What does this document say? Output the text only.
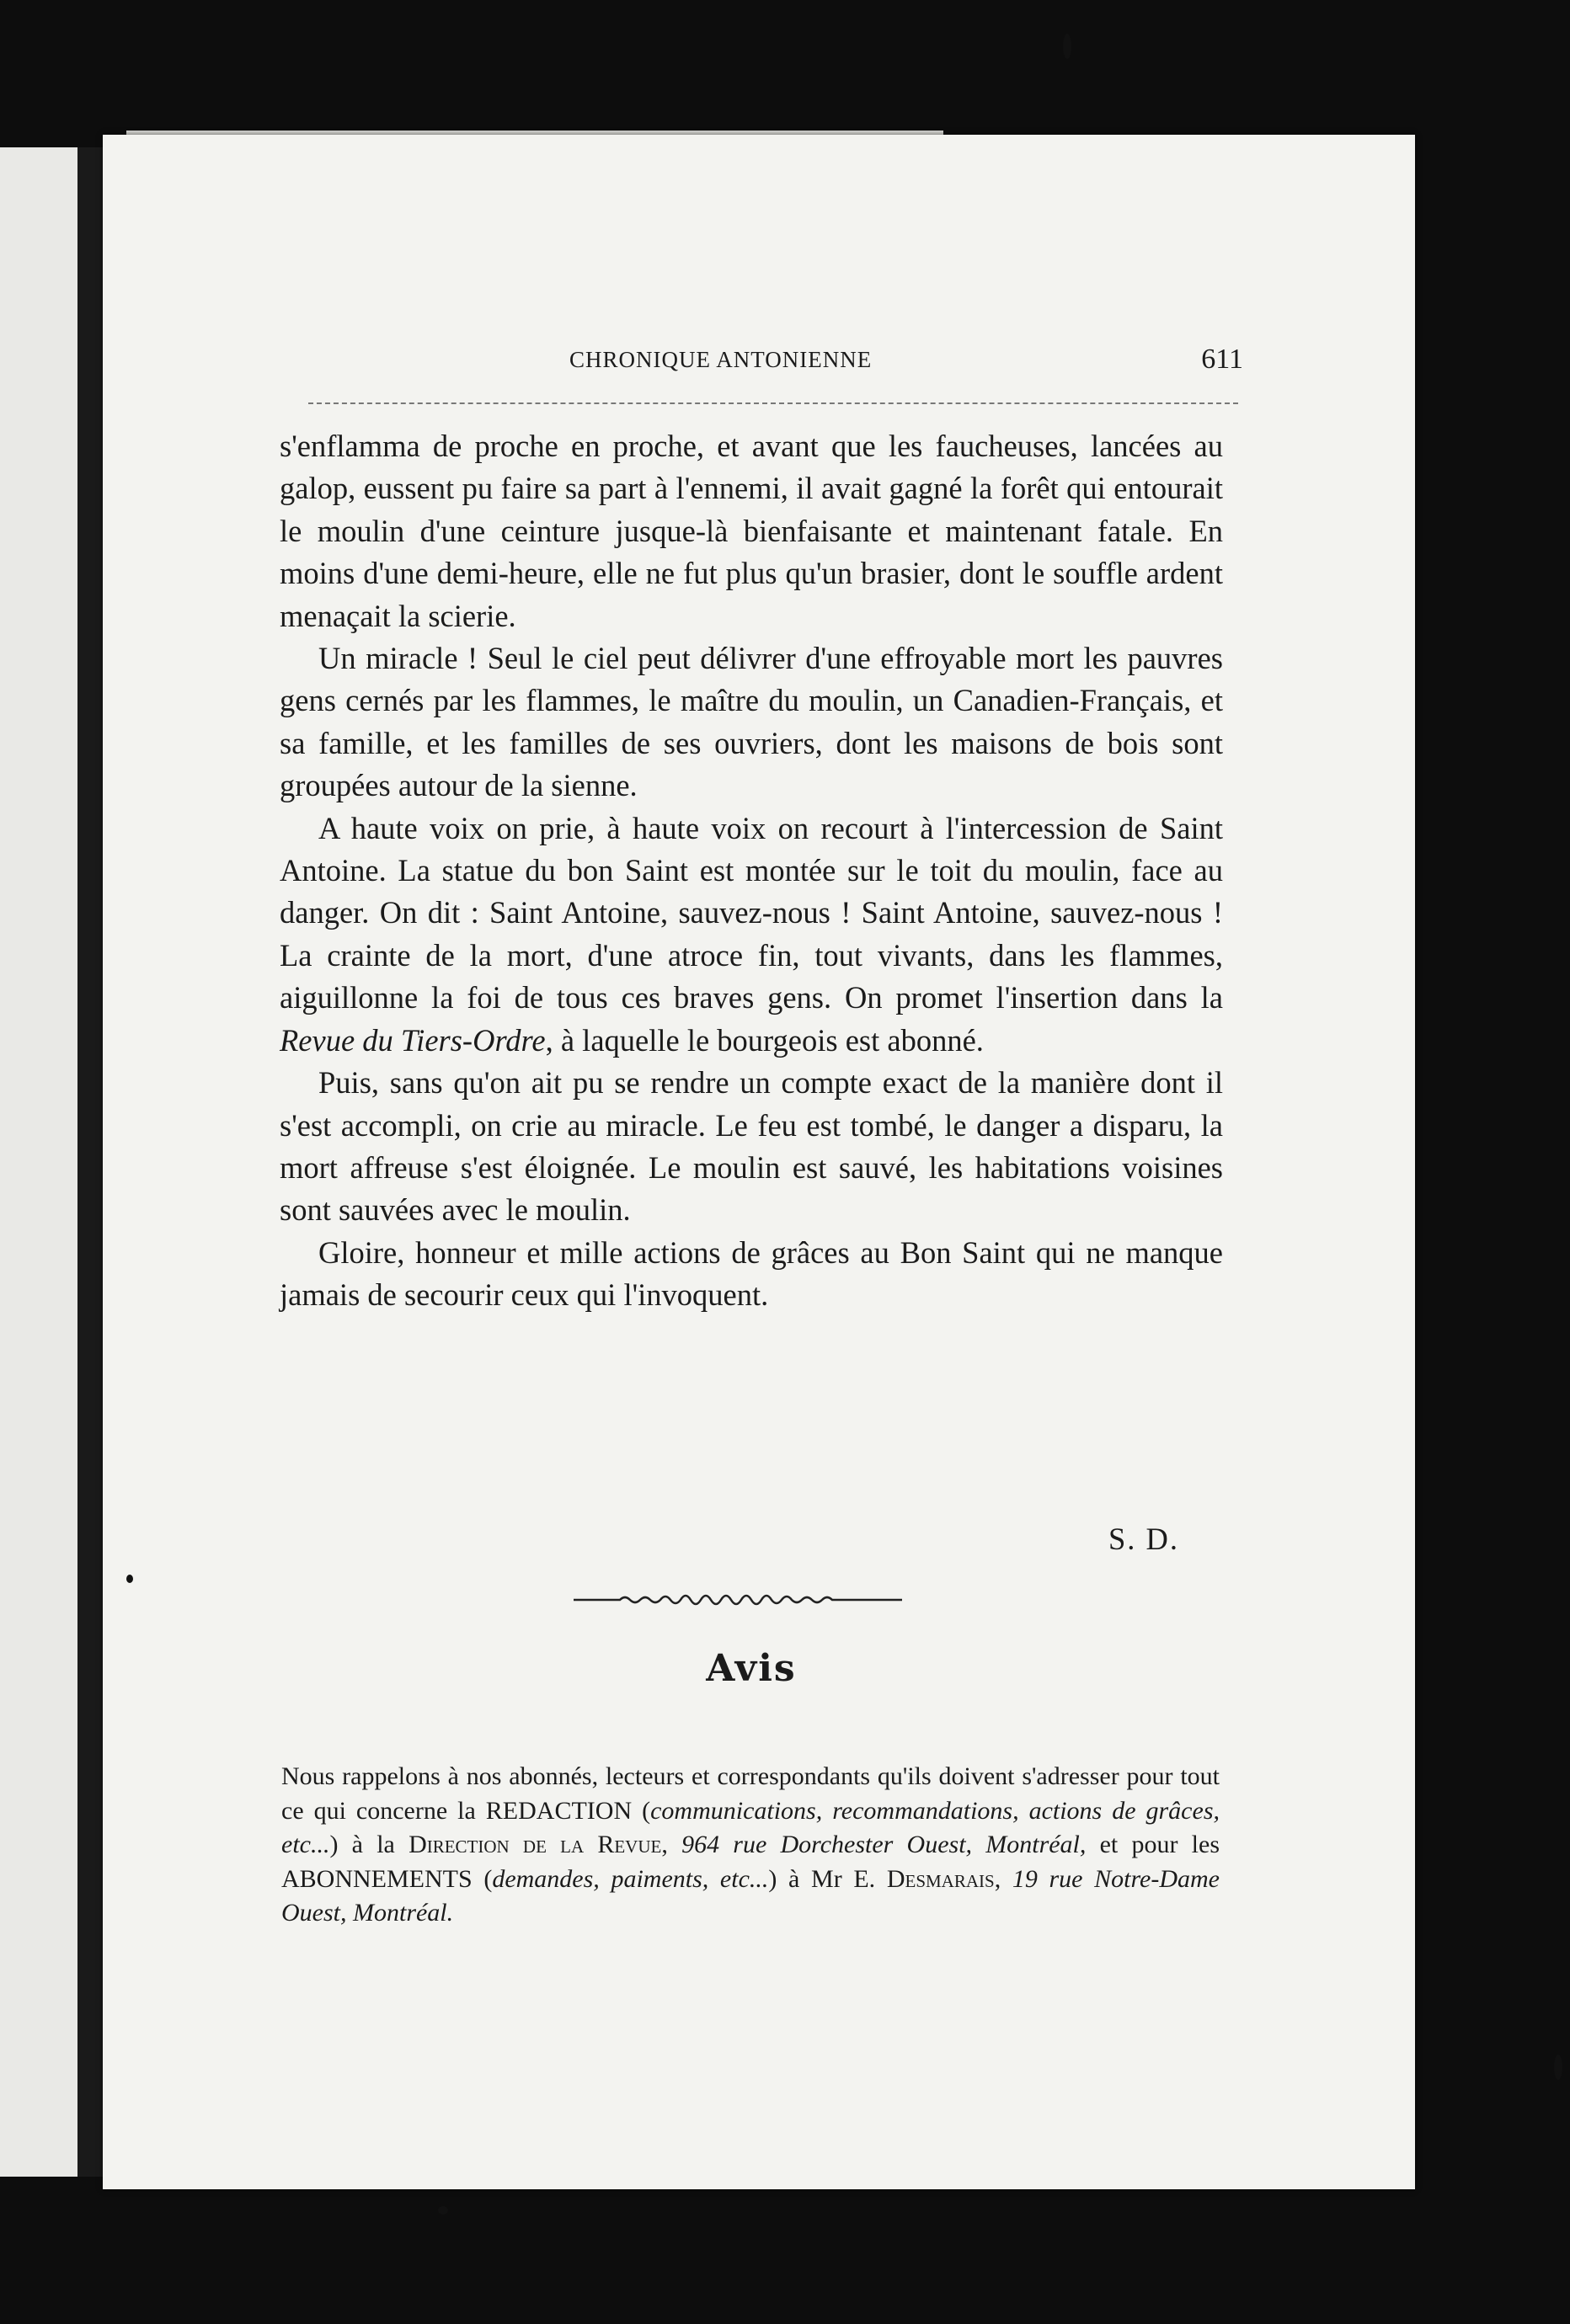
CHRONIQUE ANTONIENNE	611

s'enflamma de proche en proche, et avant que les faucheuses, lancées au galop, eussent pu faire sa part à l'ennemi, il avait gagné la forêt qui entourait le moulin d'une ceinture jusque-là bienfaisante et maintenant fatale. En moins d'une demi-heure, elle ne fut plus qu'un brasier, dont le souffle ardent menaçait la scierie.

Un miracle ! Seul le ciel peut délivrer d'une effroyable mort les pauvres gens cernés par les flammes, le maître du moulin, un Canadien-Français, et sa famille, et les familles de ses ouvriers, dont les maisons de bois sont groupées autour de la sienne.

A haute voix on prie, à haute voix on recourt à l'intercession de Saint Antoine. La statue du bon Saint est montée sur le toit du moulin, face au danger. On dit : Saint Antoine, sauvez-nous ! Saint Antoine, sauvez-nous ! La crainte de la mort, d'une atroce fin, tout vivants, dans les flammes, aiguillonne la foi de tous ces braves gens. On promet l'insertion dans la Revue du Tiers-Ordre, à laquelle le bourgeois est abonné.

Puis, sans qu'on ait pu se rendre un compte exact de la manière dont il s'est accompli, on crie au miracle. Le feu est tombé, le danger a disparu, la mort affreuse s'est éloignée. Le moulin est sauvé, les habitations voisines sont sauvées avec le moulin.

Gloire, honneur et mille actions de grâces au Bon Saint qui ne manque jamais de secourir ceux qui l'invoquent.

S. D.
Avis
Nous rappelons à nos abonnés, lecteurs et correspondants qu'ils doivent s'adresser pour tout ce qui concerne la REDACTION (communications, recommandations, actions de grâces, etc...) à la Direction de la Revue, 964 rue Dorchester Ouest, Montréal, et pour les ABONNEMENTS (demandes, paiments, etc...) à Mr E. Desmarais, 19 rue Notre-Dame Ouest, Montréal.
